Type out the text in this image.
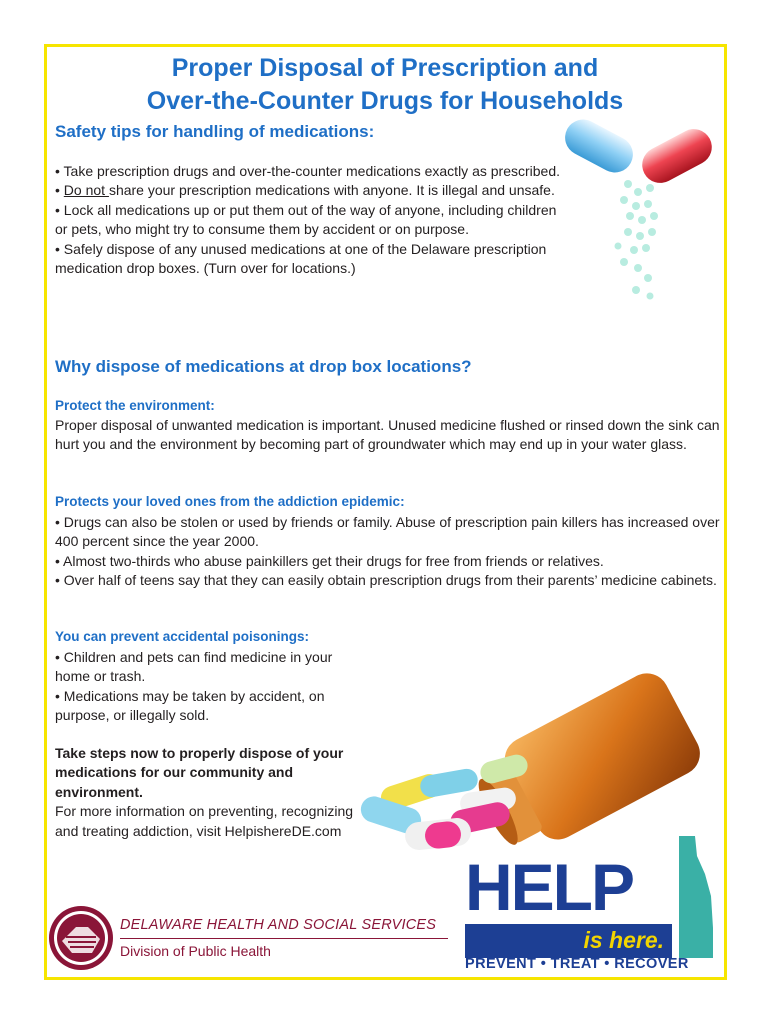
Proper Disposal of Prescription and
Over-the-Counter Drugs for Households
Safety tips for handling of medications:

• Take prescription drugs and over-the-counter medications exactly as prescribed.

• Do not share your prescription medications with anyone. It is illegal and unsafe.

• Lock all medications up or put them out of the way of anyone, including children or pets, who might try to consume them by accident or on purpose.

• Safely dispose of any unused medications at one of the Delaware prescription medication drop boxes. (Turn over for locations.)

Why dispose of medications at drop box locations?
Protect the environment:

Proper disposal of unwanted medication is important. Unused medicine flushed or rinsed down the sink can hurt you and the environment by becoming part of groundwater which may end up in your water glass.

Protects your loved ones from the addiction epidemic:

• Drugs can also be stolen or used by friends or family. Abuse of prescription pain killers has increased over 400 percent since the year 2000.

• Almost two-thirds who abuse painkillers get their drugs for free from friends or relatives.

• Over half of teens say that they can easily obtain prescription drugs from their parents’ medicine cabinets.

You can prevent accidental poisonings:

• Children and pets can find medicine in your home or trash.

• Medications may be taken by accident, on purpose, or illegally sold.

Take steps now to properly dispose of your medications for our community and environment.

For more information on preventing, recognizing and treating addiction, visit HelpishereDE.com

DELAWARE HEALTH AND SOCIAL SERVICES
Division of Public Health
HELP
is here.
PREVENT • TREAT • RECOVER
